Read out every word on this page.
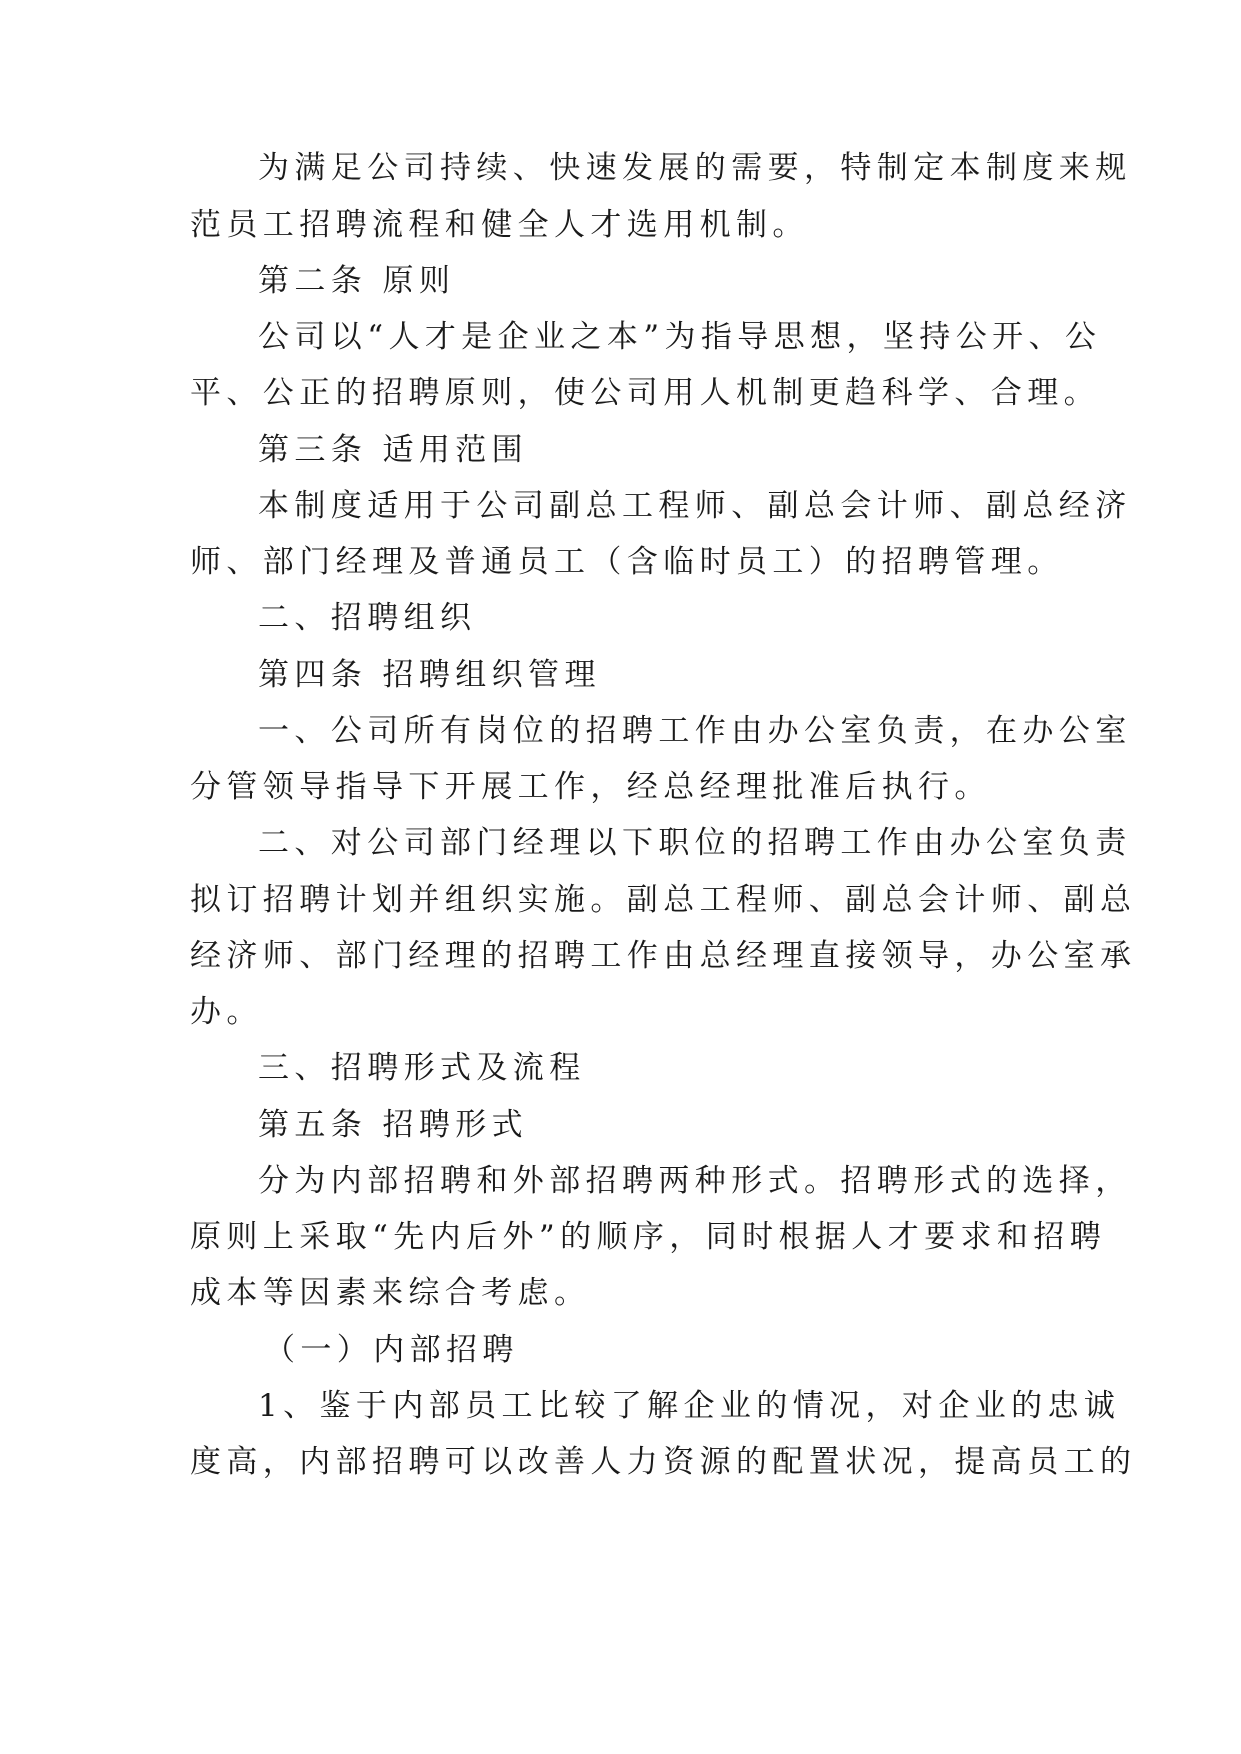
为满足公司持续、快速发展的需要，特制定本制度来规
范员工招聘流程和健全人才选用机制。
第二条 原则
公司以“人才是企业之本”为指导思想，坚持公开、公
平、公正的招聘原则，使公司用人机制更趋科学、合理。
第三条 适用范围
本制度适用于公司副总工程师、副总会计师、副总经济
师、部门经理及普通员工（含临时员工）的招聘管理。
二、招聘组织
第四条 招聘组织管理
一、公司所有岗位的招聘工作由办公室负责，在办公室
分管领导指导下开展工作，经总经理批准后执行。
二、对公司部门经理以下职位的招聘工作由办公室负责
拟订招聘计划并组织实施。副总工程师、副总会计师、副总
经济师、部门经理的招聘工作由总经理直接领导，办公室承
办。
三、招聘形式及流程
第五条 招聘形式
分为内部招聘和外部招聘两种形式。招聘形式的选择，
原则上采取“先内后外”的顺序，同时根据人才要求和招聘
成本等因素来综合考虑。
（一）内部招聘
1、鉴于内部员工比较了解企业的情况，对企业的忠诚
度高，内部招聘可以改善人力资源的配置状况，提高员工的
